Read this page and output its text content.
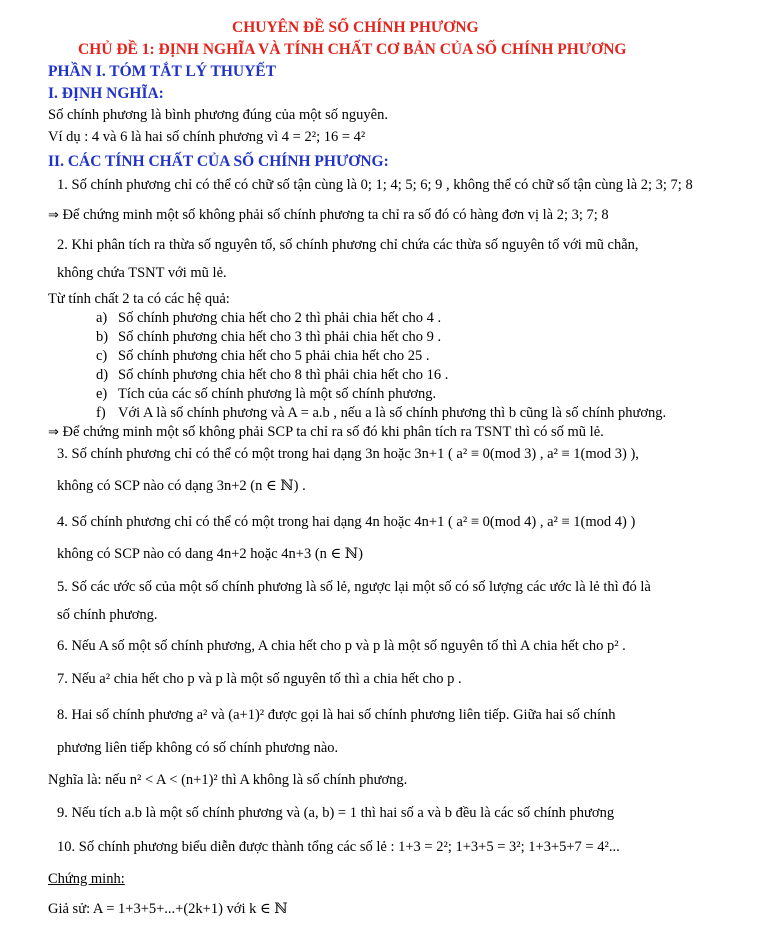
CHUYÊN ĐỀ SỐ CHÍNH PHƯƠNG
CHỦ ĐỀ 1: ĐỊNH NGHĨA VÀ TÍNH CHẤT CƠ BẢN CỦA SỐ CHÍNH PHƯƠNG
PHẦN I. TÓM TẮT LÝ THUYẾT
I. ĐỊNH NGHĨA:
Số chính phương là bình phương đúng của một số nguyên.
Ví dụ : 4 và 6 là hai số chính phương vì 4 = 2²; 16 = 4²
II. CÁC TÍNH CHẤT CỦA SỐ CHÍNH PHƯƠNG:
1. Số chính phương chỉ có thể có chữ số tận cùng là 0; 1; 4; 5; 6; 9 , không thể có chữ số tận cùng là 2; 3; 7; 8
⇒ Để chứng minh một số không phải số chính phương ta chỉ ra số đó có hàng đơn vị là 2; 3; 7; 8
2. Khi phân tích ra thừa số nguyên tố, số chính phương chỉ chứa các thừa số nguyên tố với mũ chẵn,
không chứa TSNT với mũ lẻ.
Từ tính chất 2 ta có các hệ quả:
a) Số chính phương chia hết cho 2 thì phải chia hết cho 4 .
b) Số chính phương chia hết cho 3 thì phải chia hết cho 9 .
c) Số chính phương chia hết cho 5 phải chia hết cho 25 .
d) Số chính phương chia hết cho 8 thì phải chia hết cho 16 .
e) Tích của các số chính phương là một số chính phương.
f) Với A là số chính phương và A = a.b , nếu a là số chính phương thì b cũng là số chính phương.
⇒ Để chứng minh một số không phải SCP ta chỉ ra số đó khi phân tích ra TSNT thì có số mũ lẻ.
3. Số chính phương chỉ có thể có một trong hai dạng 3n hoặc 3n+1 ( a² ≡ 0(mod 3) , a² ≡ 1(mod 3) ),
không có SCP nào có dạng 3n+2 (n ∈ ℕ) .
4. Số chính phương chỉ có thể có một trong hai dạng 4n hoặc 4n+1 ( a² ≡ 0(mod 4) , a² ≡ 1(mod 4) )
không có SCP nào có dang 4n+2 hoặc 4n+3 (n ∈ ℕ)
5. Số các ước số của một số chính phương là số lẻ, ngược lại một số có số lượng các ước là lẻ thì đó là
số chính phương.
6. Nếu A số một số chính phương, A chia hết cho p và p là một số nguyên tố thì A chia hết cho p² .
7. Nếu a² chia hết cho p và p là một số nguyên tố thì a chia hết cho p .
8. Hai số chính phương a² và (a+1)² được gọi là hai số chính phương liên tiếp. Giữa hai số chính
phương liên tiếp không có số chính phương nào.
Nghĩa là: nếu n² < A < (n+1)² thì A không là số chính phương.
9. Nếu tích a.b là một số chính phương và (a, b) = 1 thì hai số a và b đều là các số chính phương
10. Số chính phương biểu diễn được thành tổng các số lẻ : 1+3 = 2²; 1+3+5 = 3²; 1+3+5+7 = 4²...
Chứng minh:
Giả sử: A = 1+3+5+...+(2k+1) với k ∈ ℕ
